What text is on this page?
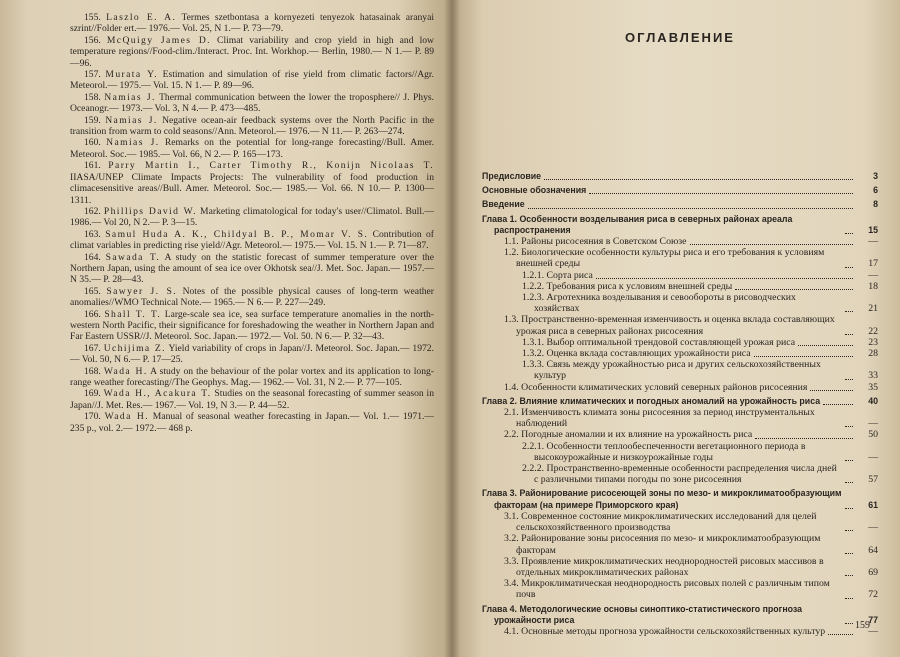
155. Laszlo E. A. Termes szetbontasa a kornyezeti tenyezok hatasainak aranyai szrint//Folder ert.— 1976.— Vol. 25, N 1.— P. 73—79.

156. McQuigy James D. Climat variability and crop yield in high and low temperature regions//Food-clim./Interact. Proc. Int. Workhop.— Berlin, 1980.— N 1.— P. 89—96.

157. Murata Y. Estimation and simulation of rise yield from climatic factors//Agr. Meteorol.— 1975.— Vol. 15. N 1.— P. 89—96.

158. Namias J. Thermal communication between the lower the troposphere// J. Phys. Oceanogr.— 1973.— Vol. 3, N 4.— P. 473—485.

159. Namias J. Negative ocean-air feedback systems over the North Pacific in the transition from warm to cold seasons//Ann. Meteorol.— 1976.— N 11.— P. 263—274.

160. Namias J. Remarks on the potential for long-range forecasting//Bull. Amer. Meteorol. Soc.— 1985.— Vol. 66, N 2.— P. 165—173.

161. Parry Martin I., Carter Timothy R., Konijn Nicolaas T. IIASA/UNEP Climate Impacts Projects: The vulnerability of food production in climacesensitive areas//Bull. Amer. Meteorol. Soc.— 1985.— Vol. 66. N 10.— P. 1300—1311.

162. Phillips David W. Marketing climatological for today's user//Climatol. Bull.— 1986.— Vol 20, N 2.— P. 3—15.

163. Samul Huda A. K., Childyal B. P., Momar V. S. Contribution of climat variables in predicting rise yield//Agr. Meteorol.— 1975.— Vol. 15. N 1.— P. 71—87.

164. Sawada T. A study on the statistic forecast of summer temperature over the Northern Japan, using the amount of sea ice over Okhotsk sea//J. Met. Soc. Japan.— 1957.— N 35.— P. 28—43.

165. Sawyer J. S. Notes of the possible physical causes of long-term weather anomalies//WMO Technical Note.— 1965.— N 6.— P. 227—249.

166. Shall T. T. Large-scale sea ice, sea surface temperature anomalies in the north-western North Pacific, their significance for foreshadowing the weather in Northern Japan and Far Eastern USSR//J. Meteorol. Soc. Japan.— 1972.— Vol. 50. N 6.— P. 32—43.

167. Uchijima Z. Yield variability of crops in Japan//J. Meteorol. Soc. Japan.— 1972.— Vol. 50, N 6.— P. 17—25.

168. Wada H. A study on the behaviour of the polar vortex and its application to long-range weather forecasting//The Geophys. Mag.— 1962.— Vol. 31, N 2.— P. 77—105.

169. Wada H., Acakura T. Studies on the seasonal forecasting of summer season in Japan//J. Met. Res.— 1967.— Vol. 19, N 3.— P. 44—52.

170. Wada H. Manual of seasonal weather forecasting in Japan.— Vol. 1.— 1971.— 235 p., vol. 2.— 1972.— 468 p.

ОГЛАВЛЕНИЕ
Предисловие	3
Основные обозначения	6
Введение	8
Глава 1. Особенности возделывания риса в северных районах ареала распространения	15
1.1. Районы рисосеяния в Советском Союзе	—
1.2. Биологические особенности культуры риса и его требования к условиям внешней среды	17
1.2.1. Сорта риса	—
1.2.2. Требования риса к условиям внешней среды	18
1.2.3. Агротехника возделывания и севообороты в рисоводческих хозяйствах	21
1.3. Пространственно-временная изменчивость и оценка вклада составляющих урожая риса в северных районах рисосеяния	22
1.3.1. Выбор оптимальной трендовой составляющей урожая риса	23
1.3.2. Оценка вклада составляющих урожайности риса	28
1.3.3. Связь между урожайностью риса и других сельскохозяйственных культур	33
1.4. Особенности климатических условий северных районов рисосеяния	35
Глава 2. Влияние климатических и погодных аномалий на урожайность риса	40
2.1. Изменчивость климата зоны рисосеяния за период инструментальных наблюдений	—
2.2. Погодные аномалии и их влияние на урожайность риса	50
2.2.1. Особенности теплообеспеченности вегетационного периода в высокоурожайные и низкоурожайные годы	—
2.2.2. Пространственно-временные особенности распределения числа дней с различными типами погоды по зоне рисосеяния	57
Глава 3. Районирование рисосеющей зоны по мезо- и микроклиматообразующим факторам (на примере Приморского края)	61
3.1. Современное состояние микроклиматических исследований для целей сельскохозяйственного производства	—
3.2. Районирование зоны рисосеяния по мезо- и микроклиматообразующим факторам	64
3.3. Проявление микроклиматических неоднородностей рисовых массивов в отдельных микроклиматических районах	69
3.4. Микроклиматическая неоднородность рисовых полей с различным типом почв	72
Глава 4. Методологические основы синоптико-статистического прогноза урожайности риса	77
4.1. Основные методы прогноза урожайности сельскохозяйственных культур	—
159
